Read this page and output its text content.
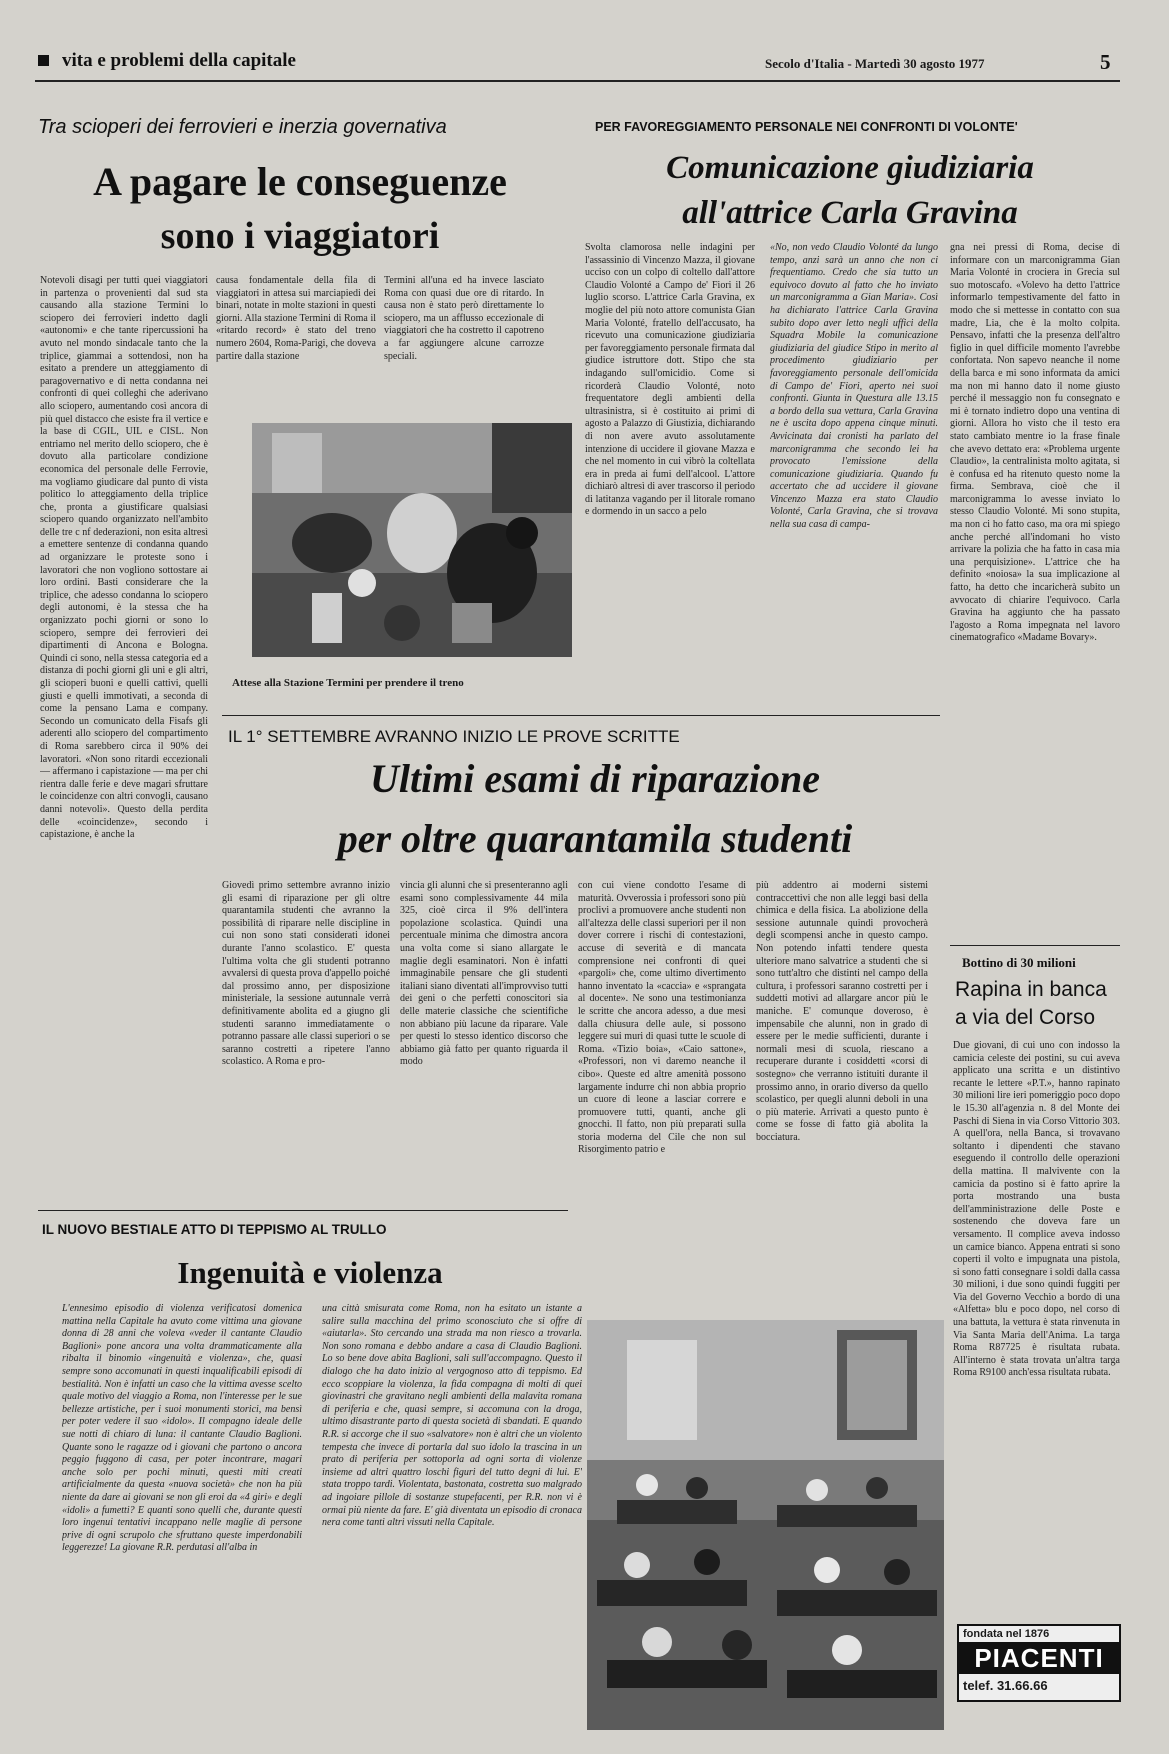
vita e problemi della capitale	Secolo d'Italia - Martedì 30 agosto 1977	5
Tra scioperi dei ferrovieri e inerzia governativa
A pagare le conseguenze
sono i viaggiatori
Notevoli disagi per tutti quei viaggiatori in partenza o provenienti dal sud sta causando alla stazione Termini lo sciopero dei ferrovieri indetto dagli «autonomi» e che tante ripercussioni ha avuto nel mondo sindacale tanto che la triplice, giammai a sottendosi, non ha esitato a prendere un atteggiamento di paragovernativo e di netta condanna nei confronti di quei colleghi che aderivano allo sciopero, aumentando così ancora di più quel distacco che esiste fra il vertice e la base di CGIL, UIL e CISL. Non entriamo nel merito dello sciopero, che è dovuto alla particolare condizione economica del personale delle Ferrovie, ma vogliamo giudicare dal punto di vista politico lo atteggiamento della triplice che, pronta a giustificare qualsiasi sciopero quando organizzato nell'ambito delle tre c nf dederazioni, non esita altresì a emettere sentenze di condanna quando ad organizzare le proteste sono i lavoratori che non vogliono sottostare ai loro ordini. Basti considerare che la triplice, che adesso condanna lo sciopero degli autonomi, è la stessa che ha organizzato pochi giorni or sono lo sciopero, sempre dei ferrovieri dei dipartimenti di Ancona e Bologna. Quindi ci sono, nella stessa categoria ed a distanza di pochi giorni gli uni e gli altri, gli scioperi buoni e quelli cattivi, quelli giusti e quelli immotivati, a seconda di come la pensano Lama e company. Secondo un comunicato della Fisafs gli aderenti allo sciopero del compartimento di Roma sarebbero circa il 90% dei lavoratori. «Non sono ritardi eccezionali — affermano i capistazione — ma per chi rientra dalle ferie e deve magari sfruttare le coincidenze con altri convogli, causano danni notevoli». Questo della perdita delle «coincidenze», secondo i capistazione, è anche la
causa fondamentale della fila di viaggiatori in attesa sui marciapiedi dei binari, notate in molte stazioni in questi giorni. Alla stazione Termini di Roma il «ritardo record» è stato del treno numero 2604, Roma-Parigi, che doveva partire dalla stazione
Termini all'una ed ha invece lasciato Roma con quasi due ore di ritardo. In causa non è stato però direttamente lo sciopero, ma un afflusso eccezionale di viaggiatori che ha costretto il capotreno a far aggiungere alcune carrozze speciali.
Attese alla Stazione Termini per prendere il treno
PER FAVOREGGIAMENTO PERSONALE NEI CONFRONTI DI VOLONTE'
Comunicazione giudiziaria
all'attrice Carla Gravina
Svolta clamorosa nelle indagini per l'assassinio di Vincenzo Mazza, il giovane ucciso con un colpo di coltello dall'attore Claudio Volonté a Campo de' Fiori il 26 luglio scorso. L'attrice Carla Gravina, ex moglie del più noto attore comunista Gian Maria Volonté, fratello dell'accusato, ha ricevuto una comunicazione giudiziaria per favoreggiamento personale firmata dal giudice istruttore dott. Stipo che sta indagando sull'omicidio. Come si ricorderà Claudio Volonté, noto frequentatore degli ambienti della ultrasinistra, si è costituito ai primi di agosto a Palazzo di Giustizia, dichiarando di non avere avuto assolutamente intenzione di uccidere il giovane Mazza e che nel momento in cui vibrò la coltellata era in preda ai fumi dell'alcool. L'attore dichiarò altresì di aver trascorso il periodo di latitanza vagando per il litorale romano e dormendo in un sacco a pelo
«No, non vedo Claudio Volonté da lungo tempo, anzi sarà un anno che non ci frequentiamo. Credo che sia tutto un equivoco dovuto al fatto che ho inviato un marconigramma a Gian Maria». Così ha dichiarato l'attrice Carla Gravina subito dopo aver letto negli uffici della Squadra Mobile la comunicazione giudiziaria del giudice Stipo in merito al procedimento giudiziario per favoreggiamento personale dell'omicida di Campo de' Fiori, aperto nei suoi confronti. Giunta in Questura alle 13.15 a bordo della sua vettura, Carla Gravina ne è uscita dopo appena cinque minuti. Avvicinata dai cronisti ha parlato del marconigramma che secondo lei ha provocato l'emissione della comunicazione giudiziaria. Quando fu accertato che ad uccidere il giovane Vincenzo Mazza era stato Claudio Volonté, Carla Gravina, che si trovava nella sua casa di campa-
gna nei pressi di Roma, decise di informare con un marconigramma Gian Maria Volonté in crociera in Grecia sul suo motoscafo. «Volevo ha detto l'attrice informarlo tempestivamente del fatto in modo che si mettesse in contatto con sua madre, Lia, che è la molto colpita. Pensavo, infatti che la presenza dell'altro figlio in quel difficile momento l'avrebbe confortata. Non sapevo neanche il nome della barca e mi sono informata da amici ma non mi hanno dato il nome giusto perché il messaggio non fu consegnato e mi è tornato indietro dopo una ventina di giorni. Allora ho visto che il testo era stato cambiato mentre io la frase finale che avevo dettato era: «Problema urgente Claudio», la centralinista molto agitata, si è confusa ed ha ritenuto questo nome la firma. Sembrava, cioè che il marconigramma lo avesse inviato lo stesso Claudio Volonté. Mi sono stupita, ma non ci ho fatto caso, ma ora mi spiego anche perché all'indomani ho visto arrivare la polizia che ha fatto in casa mia una perquisizione». L'attrice che ha definito «noiosa» la sua implicazione al fatto, ha detto che incaricherà subito un avvocato di chiarire l'equivoco. Carla Gravina ha aggiunto che ha passato l'agosto a Roma impegnata nel lavoro cinematografico «Madame Bovary».
IL 1° SETTEMBRE AVRANNO INIZIO LE PROVE SCRITTE
Ultimi esami di riparazione
per oltre quarantamila studenti
Giovedì primo settembre avranno inizio gli esami di riparazione per gli oltre quarantamila studenti che avranno la possibilità di riparare nelle discipline in cui non sono stati considerati idonei durante l'anno scolastico. E' questa l'ultima volta che gli studenti potranno avvalersi di questa prova d'appello poiché dal prossimo anno, per disposizione ministeriale, la sessione autunnale verrà definitivamente abolita ed a giugno gli studenti saranno immediatamente o potranno passare alle classi superiori o se saranno costretti a ripetere l'anno scolastico. A Roma e pro-
vincia gli alunni che si presenteranno agli esami sono complessivamente 44 mila 325, cioè circa il 9% dell'intera popolazione scolastica. Quindi una percentuale minima che dimostra ancora una volta come si siano allargate le maglie degli esaminatori. Non è infatti immaginabile pensare che gli studenti italiani siano diventati all'improvviso tutti dei geni o che perfetti conoscitori sia delle materie classiche che scientifiche non abbiano più lacune da riparare. Vale per questi lo stesso identico discorso che abbiamo già fatto per quanto riguarda il modo
con cui viene condotto l'esame di maturità. Ovverossia i professori sono più proclivi a promuovere anche studenti non all'altezza delle classi superiori per il non dover correre i rischi di contestazioni, accuse di severità e di mancata comprensione nei confronti di quei «pargoli» che, come ultimo divertimento hanno inventato la «caccia» e «sprangata al docente». Ne sono una testimonianza le scritte che ancora adesso, a due mesi dalla chiusura delle aule, si possono leggere sui muri di quasi tutte le scuole di Roma. «Tizio boia», «Caio sattone», «Professori, non vi daremo neanche il cibo». Queste ed altre amenità possono largamente indurre chi non abbia proprio un cuore di leone a lasciar correre e promuovere tutti, quanti, anche gli gnocchi. Il fatto, non più preparati sulla storia moderna del Cile che non sul Risorgimento patrio e
più addentro ai moderni sistemi contraccettivi che non alle leggi basi della chimica e della fisica. La abolizione della sessione autunnale quindi provocherà degli scompensi anche in questo campo. Non potendo infatti tendere questa ulteriore mano salvatrice a studenti che si sono tutt'altro che distinti nel campo della cultura, i professori saranno costretti per i suddetti motivi ad allargare ancor più le maniche. E' comunque doveroso, è impensabile che alunni, non in grado di essere per le medie sufficienti, durante i normali mesi di scuola, riescano a recuperare durante i cosiddetti «corsi di sostegno» che verranno istituiti durante il prossimo anno, in orario diverso da quello scolastico, per quegli alunni deboli in una o più materie. Arrivati a questo punto è come se fosse di fatto già abolita la bocciatura.
IL NUOVO BESTIALE ATTO DI TEPPISMO AL TRULLO
Ingenuità e violenza
L'ennesimo episodio di violenza verificatosi domenica mattina nella Capitale ha avuto come vittima una giovane donna di 28 anni che voleva «veder il cantante Claudio Baglioni» pone ancora una volta drammaticamente alla ribalta il binomio «ingenuità e violenza», che, quasi sempre sono accomunati in questi inqualificabili episodi di bestialità. Non è infatti un caso che la vittima avesse scelto quale motivo del viaggio a Roma, non l'interesse per le sue bellezze artistiche, per i suoi monumenti storici, ma bensì per poter vedere il suo «idolo». Il compagno ideale delle sue notti di chiaro di luna: il cantante Claudio Baglioni. Quante sono le ragazze od i giovani che partono o ancora peggio fuggono di casa, per poter incontrare, magari anche solo per pochi minuti, questi miti creati artificialmente da questa «nuova società» che non ha più niente da dare ai giovani se non gli eroi da «4 giri» e degli «idoli» a fumetti? E quanti sono quelli che, durante questi loro ingenui tentativi incappano nelle maglie di persone prive di ogni scrupolo che sfruttano queste imperdonabili leggerezze! La giovane R.R. perdutasi all'alba in
una città smisurata come Roma, non ha esitato un istante a salire sulla macchina del primo sconosciuto che si offre di «aiutarla». Sto cercando una strada ma non riesco a trovarla. Non sono romana e debbo andare a casa di Claudio Baglioni. Lo so bene dove abita Baglioni, sali sull'accompagno. Questo il dialogo che ha dato inizio al vergognoso atto di teppismo. Ed ecco scoppiare la violenza, la fida compagna di molti di quei giovinastri che gravitano negli ambienti della malavita romana di periferia e che, quasi sempre, si accomuna con la droga, ultimo disastrante parto di questa società di sbandati. E quando R.R. si accorge che il suo «salvatore» non è altri che un violento tempesta che invece di portarla dal suo idolo la trascina in un prato di periferia per sottoporla ad ogni sorta di violenze insieme ad altri quattro loschi figuri del tutto degni di lui. E' stata troppo tardi. Violentata, bastonata, costretta suo malgrado ad ingoiare pillole di sostanze stupefacenti, per R.R. non vi è ormai più niente da fare. E' già diventata un episodio di cronaca nera come tanti altri vissuti nella Capitale.
Bottino di 30 milioni
Rapina in banca
a via del Corso
Due giovani, di cui uno con indosso la camicia celeste dei postini, su cui aveva applicato una scritta e un distintivo recante le lettere «P.T.», hanno rapinato 30 milioni lire ieri pomeriggio poco dopo le 15.30 all'agenzia n. 8 del Monte dei Paschi di Siena in via Corso Vittorio 303. A quell'ora, nella Banca, si trovavano soltanto i dipendenti che stavano eseguendo il controllo delle operazioni della mattina. Il malvivente con la camicia da postino si è fatto aprire la porta mostrando una busta dell'amministrazione delle Poste e sostenendo che doveva fare un versamento. Il complice aveva indosso un camice bianco. Appena entrati si sono coperti il volto e impugnata una pistola, si sono fatti consegnare i soldi dalla cassa 30 milioni, i due sono quindi fuggiti per Via del Governo Vecchio a bordo di una «Alfetta» blu e poco dopo, nel corso di una battuta, la vettura è stata rinvenuta in Via Santa Maria dell'Anima. La targa Roma R87725 è risultata rubata. All'interno è stata trovata un'altra targa Roma R9100 anch'essa risultata rubata.
fondata nel 1876
PIACENTI
telef. 31.66.66
